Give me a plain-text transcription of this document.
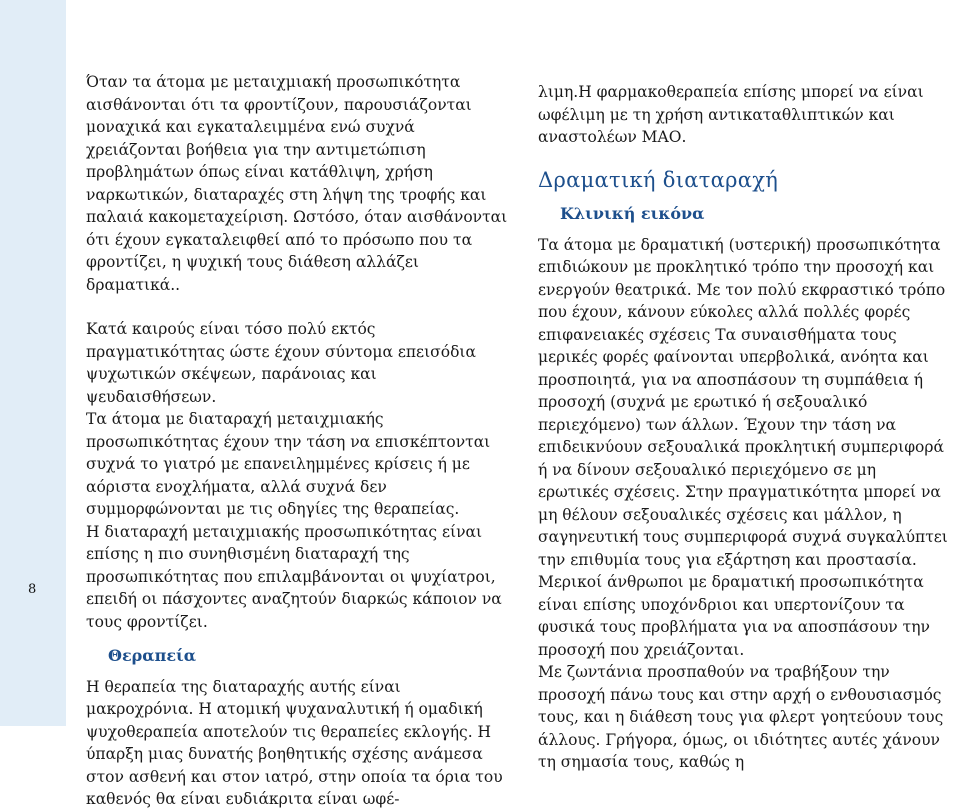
8

Όταν τα άτομα με μεταιχμιακή προσωπικότητα αισθάνονται ότι τα φροντίζουν, παρουσιάζονται μοναχικά και εγκαταλειμμένα ενώ συχνά χρειάζονται βοήθεια για την αντιμετώπιση προβλημάτων όπως είναι κατάθλιψη, χρήση ναρκωτικών, διαταραχές στη λήψη της τροφής και παλαιά κακομεταχείριση. Ωστόσο, όταν αισθάνονται ότι έχουν εγκαταλειφθεί από το πρόσωπο που τα φροντίζει, η ψυχική τους διάθεση αλλάζει δραματικά..

Κατά καιρούς είναι τόσο πολύ εκτός πραγματικότητας ώστε έχουν σύντομα επεισόδια ψυχωτικών σκέψεων, παράνοιας και ψευδαισθήσεων.

Τα άτομα με διαταραχή μεταιχμιακής προσωπικότητας έχουν την τάση να επισκέπτονται συχνά το γιατρό με επανειλημμένες κρίσεις ή με αόριστα ενοχλήματα, αλλά συχνά δεν συμμορφώνονται με τις οδηγίες της θεραπείας.

Η διαταραχή μεταιχμιακής προσωπικότητας είναι επίσης η πιο συνηθισμένη διαταραχή της προσωπικότητας που επιλαμβάνονται οι ψυχίατροι, επειδή οι πάσχοντες αναζητούν διαρκώς κάποιον να τους φροντίζει.

Θεραπεία

Η θεραπεία της διαταραχής αυτής είναι μακροχρόνια. Η ατομική ψυχαναλυτική ή ομαδική ψυχοθεραπεία αποτελούν τις θεραπείες εκλογής. Η ύπαρξη μιας δυνατής βοηθητικής σχέσης ανάμεσα στον ασθενή και στον ιατρό, στην οποία τα όρια του καθενός θα είναι ευδιάκριτα είναι ωφέ-

λιμη.Η φαρμακοθεραπεία επίσης μπορεί να είναι ωφέλιμη με τη χρήση αντικαταθλιπτικών και αναστολέων ΜΑΟ.

Δραματική διαταραχή
Κλινική εικόνα

Τα άτομα με δραματική (υστερική) προσωπικότητα επιδιώκουν με προκλητικό τρόπο την προσοχή και ενεργούν θεατρικά. Με τον πολύ εκφραστικό τρόπο που έχουν, κάνουν εύκολες αλλά πολλές φορές επιφανειακές σχέσεις Τα συναισθήματα τους μερικές φορές φαίνονται υπερβολικά, ανόητα και προσποιητά, για να αποσπάσουν τη συμπάθεια ή προσοχή (συχνά με ερωτικό ή σεξουαλικό περιεχόμενο) των άλλων. Έχουν την τάση να επιδεικνύουν σεξουαλικά προκλητική συμπεριφορά ή να δίνουν σεξουαλικό περιεχόμενο σε μη ερωτικές σχέσεις. Στην πραγματικότητα μπορεί να μη θέλουν σεξουαλικές σχέσεις και μάλλον, η σαγηνευτική τους συμπεριφορά συχνά συγκαλύπτει την επιθυμία τους για εξάρτηση και προστασία. Μερικοί άνθρωποι με δραματική προσωπικότητα είναι επίσης υποχόνδριοι και υπερτονίζουν τα φυσικά τους προβλήματα για να αποσπάσουν την προσοχή που χρειάζονται.

Με ζωντάνια προσπαθούν να τραβήξουν την προσοχή πάνω τους και στην αρχή ο ενθουσιασμός τους, και η διάθεση τους για φλερτ γοητεύουν τους άλλους. Γρήγορα, όμως, οι ιδιότητες αυτές χάνουν τη σημασία τους, καθώς η
